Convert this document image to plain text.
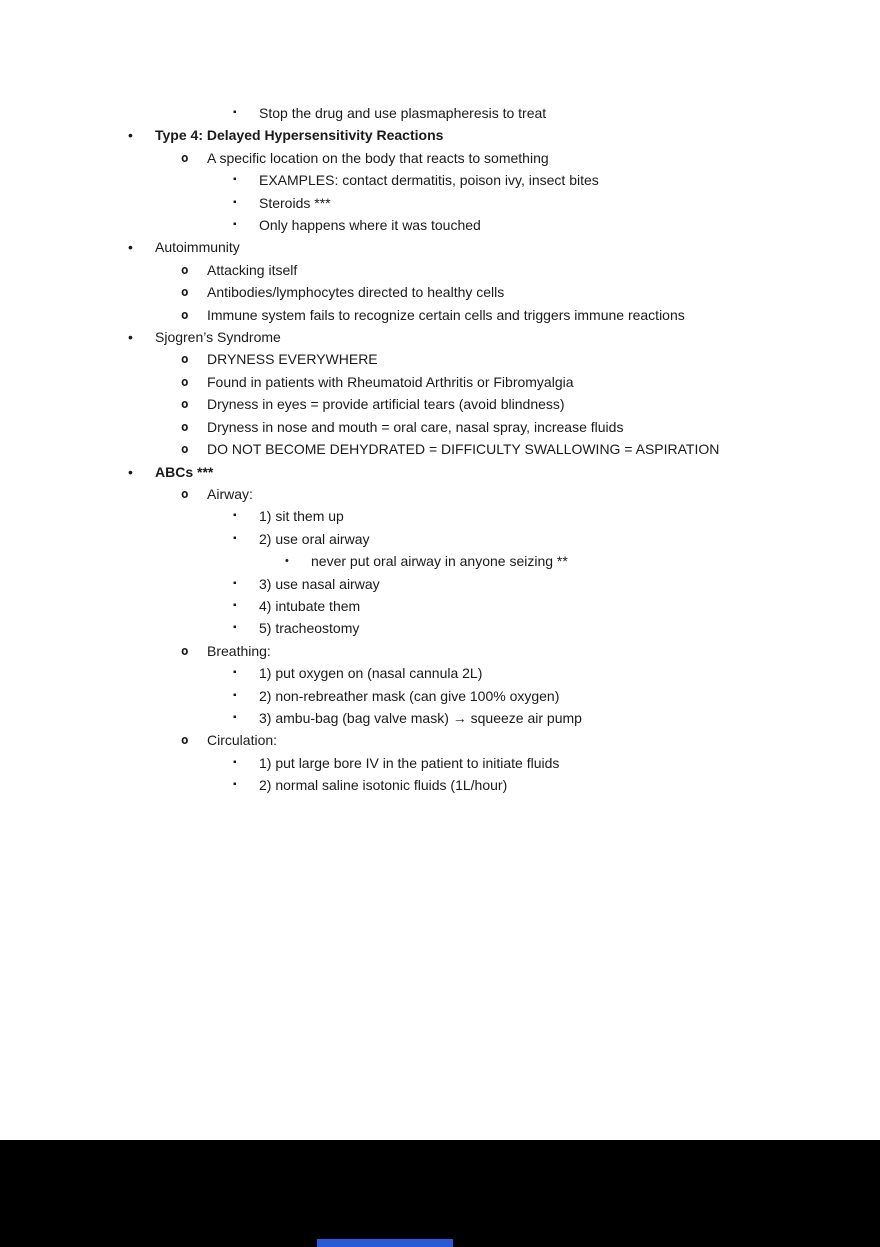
▪ Stop the drug and use plasmapheresis to treat
• Type 4: Delayed Hypersensitivity Reactions
o A specific location on the body that reacts to something
▪ EXAMPLES: contact dermatitis, poison ivy, insect bites
▪ Steroids ***
▪ Only happens where it was touched
• Autoimmunity
o Attacking itself
o Antibodies/lymphocytes directed to healthy cells
o Immune system fails to recognize certain cells and triggers immune reactions
• Sjogren’s Syndrome
o DRYNESS EVERYWHERE
o Found in patients with Rheumatoid Arthritis or Fibromyalgia
o Dryness in eyes = provide artificial tears (avoid blindness)
o Dryness in nose and mouth = oral care, nasal spray, increase fluids
o DO NOT BECOME DEHYDRATED = DIFFICULTY SWALLOWING = ASPIRATION
• ABCs ***
o Airway:
▪ 1) sit them up
▪ 2) use oral airway
• never put oral airway in anyone seizing **
▪ 3) use nasal airway
▪ 4) intubate them
▪ 5) tracheostomy
o Breathing:
▪ 1) put oxygen on (nasal cannula 2L)
▪ 2) non-rebreather mask (can give 100% oxygen)
▪ 3) ambu-bag (bag valve mask) → squeeze air pump
o Circulation:
▪ 1) put large bore IV in the patient to initiate fluids
▪ 2) normal saline isotonic fluids (1L/hour)
